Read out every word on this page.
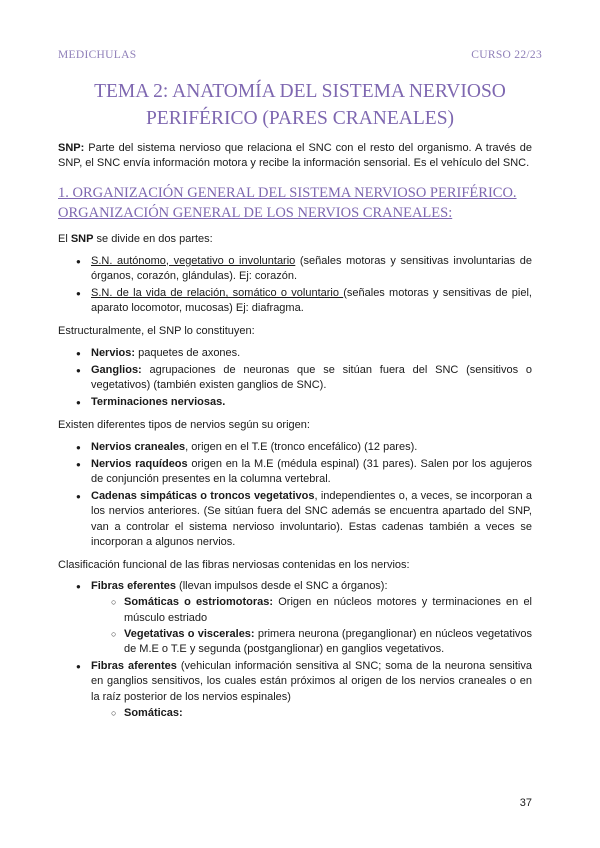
MEDICHULAS	CURSO 22/23
TEMA 2: ANATOMÍA DEL SISTEMA NERVIOSO
PERIFÉRICO (PARES CRANEALES)

SNP: Parte del sistema nervioso que relaciona el SNC con el resto del organismo. A través de SNP, el SNC envía información motora y recibe la información sensorial. Es el vehículo del SNC.

1. ORGANIZACIÓN GENERAL DEL SISTEMA NERVIOSO PERIFÉRICO.
ORGANIZACIÓN GENERAL DE LOS NERVIOS CRANEALES:

El SNP se divide en dos partes:

● S.N. autónomo, vegetativo o involuntario (señales motoras y sensitivas involuntarias de órganos, corazón, glándulas). Ej: corazón.
● S.N. de la vida de relación, somático o voluntario (señales motoras y sensitivas de piel, aparato locomotor, mucosas) Ej: diafragma.

Estructuralmente, el SNP lo constituyen:

● Nervios: paquetes de axones.
● Ganglios: agrupaciones de neuronas que se sitúan fuera del SNC (sensitivos o vegetativos) (también existen ganglios de SNC).
● Terminaciones nerviosas.

Existen diferentes tipos de nervios según su origen:

● Nervios craneales, origen en el T.E (tronco encefálico) (12 pares).
● Nervios raquídeos origen en la M.E (médula espinal) (31 pares). Salen por los agujeros de conjunción presentes en la columna vertebral.
● Cadenas simpáticas o troncos vegetativos, independientes o, a veces, se incorporan a los nervios anteriores. (Se sitúan fuera del SNC además se encuentra apartado del SNP, van a controlar el sistema nervioso involuntario). Estas cadenas también a veces se incorporan a algunos nervios.

Clasificación funcional de las fibras nerviosas contenidas en los nervios:

● Fibras eferentes (llevan impulsos desde el SNC a órganos):
○ Somáticas o estriomotoras: Origen en núcleos motores y terminaciones en el músculo estriado
○ Vegetativas o viscerales: primera neurona (preganglionar) en núcleos vegetativos de M.E o T.E y segunda (postganglionar) en ganglios vegetativos.
● Fibras aferentes (vehiculan información sensitiva al SNC; soma de la neurona sensitiva en ganglios sensitivos, los cuales están próximos al origen de los nervios craneales o en la raíz posterior de los nervios espinales)
○ Somáticas:
37
